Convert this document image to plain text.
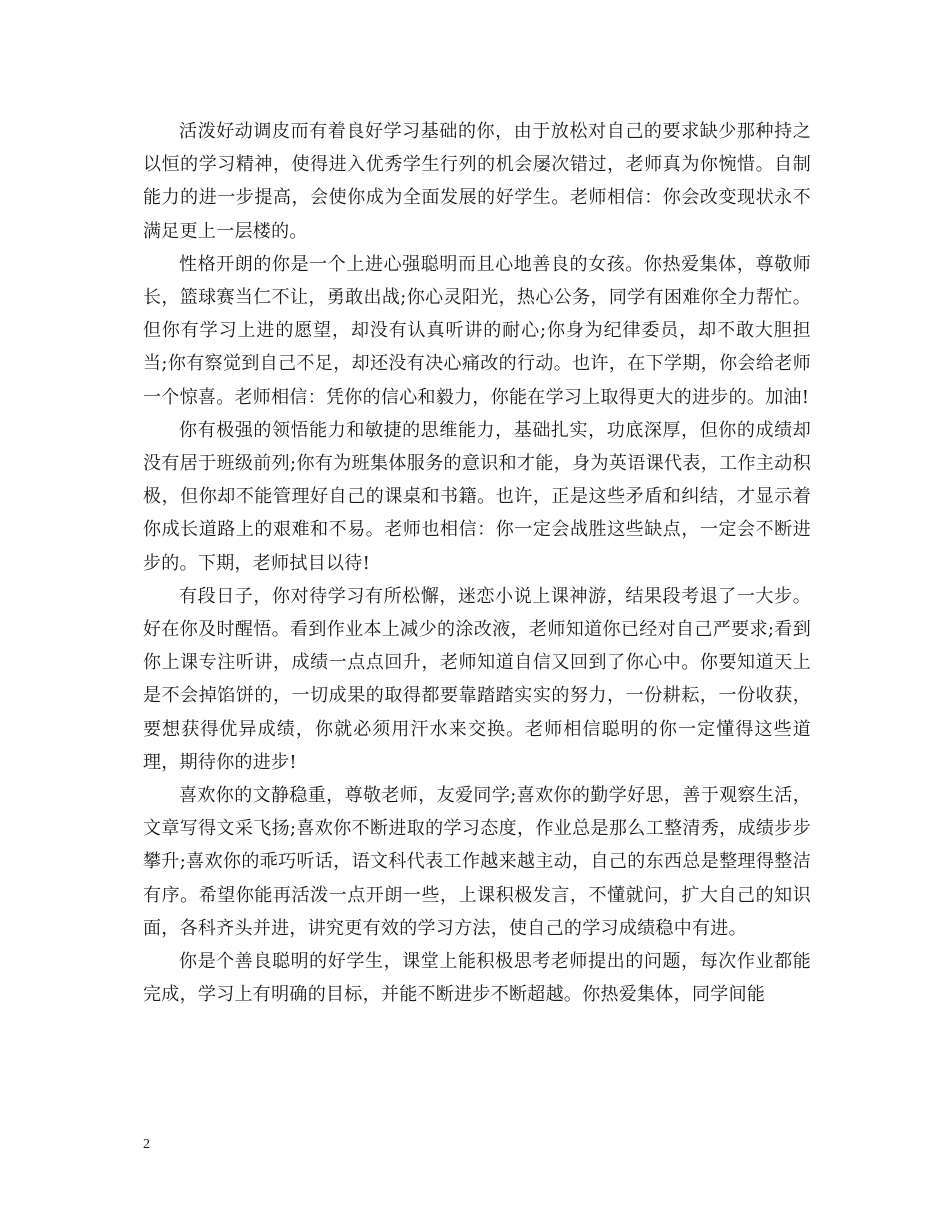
活泼好动调皮而有着良好学习基础的你，由于放松对自己的要求缺少那种持之以恒的学习精神，使得进入优秀学生行列的机会屡次错过，老师真为你惋惜。自制能力的进一步提高，会使你成为全面发展的好学生。老师相信：你会改变现状永不满足更上一层楼的。

性格开朗的你是一个上进心强聪明而且心地善良的女孩。你热爱集体，尊敬师长，篮球赛当仁不让，勇敢出战;你心灵阳光，热心公务，同学有困难你全力帮忙。但你有学习上进的愿望，却没有认真听讲的耐心;你身为纪律委员，却不敢大胆担当;你有察觉到自己不足，却还没有决心痛改的行动。也许，在下学期，你会给老师一个惊喜。老师相信：凭你的信心和毅力，你能在学习上取得更大的进步的。加油!

你有极强的领悟能力和敏捷的思维能力，基础扎实，功底深厚，但你的成绩却没有居于班级前列;你有为班集体服务的意识和才能，身为英语课代表，工作主动积极，但你却不能管理好自己的课桌和书籍。也许，正是这些矛盾和纠结，才显示着你成长道路上的艰难和不易。老师也相信：你一定会战胜这些缺点，一定会不断进步的。下期，老师拭目以待!

有段日子，你对待学习有所松懈，迷恋小说上课神游，结果段考退了一大步。好在你及时醒悟。看到作业本上减少的涂改液，老师知道你已经对自己严要求;看到你上课专注听讲，成绩一点点回升，老师知道自信又回到了你心中。你要知道天上是不会掉馅饼的，一切成果的取得都要靠踏踏实实的努力，一份耕耘，一份收获，要想获得优异成绩，你就必须用汗水来交换。老师相信聪明的你一定懂得这些道理，期待你的进步!

喜欢你的文静稳重，尊敬老师，友爱同学;喜欢你的勤学好思，善于观察生活，文章写得文采飞扬;喜欢你不断进取的学习态度，作业总是那么工整清秀，成绩步步攀升;喜欢你的乖巧听话，语文科代表工作越来越主动，自己的东西总是整理得整洁有序。希望你能再活泼一点开朗一些，上课积极发言，不懂就问，扩大自己的知识面，各科齐头并进，讲究更有效的学习方法，使自己的学习成绩稳中有进。

你是个善良聪明的好学生，课堂上能积极思考老师提出的问题，每次作业都能完成，学习上有明确的目标，并能不断进步不断超越。你热爱集体，同学间能

2
